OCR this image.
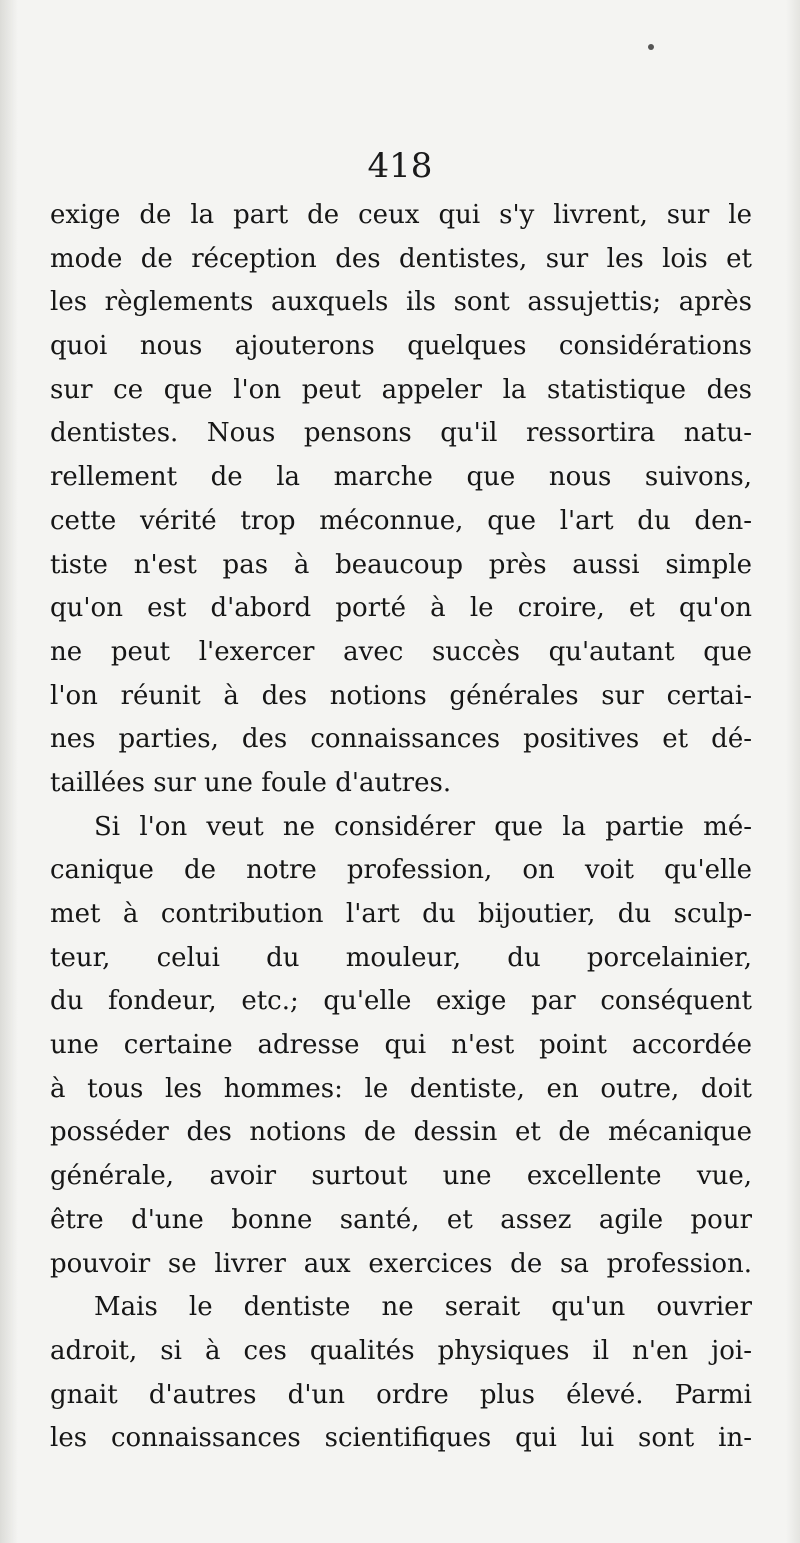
418
exige de la part de ceux qui s'y livrent, sur le
mode de réception des dentistes, sur les lois et
les règlements auxquels ils sont assujettis; après
quoi nous ajouterons quelques considérations
sur ce que l'on peut appeler la statistique des
dentistes. Nous pensons qu'il ressortira natu-
rellement de la marche que nous suivons,
cette vérité trop méconnue, que l'art du den-
tiste n'est pas à beaucoup près aussi simple
qu'on est d'abord porté à le croire, et qu'on
ne peut l'exercer avec succès qu'autant que
l'on réunit à des notions générales sur certai-
nes parties, des connaissances positives et dé-
taillées sur une foule d'autres.
Si l'on veut ne considérer que la partie mé-
canique de notre profession, on voit qu'elle
met à contribution l'art du bijoutier, du sculp-
teur, celui du mouleur, du porcelainier,
du fondeur, etc.; qu'elle exige par conséquent
une certaine adresse qui n'est point accordée
à tous les hommes: le dentiste, en outre, doit
posséder des notions de dessin et de mécanique
générale, avoir surtout une excellente vue,
être d'une bonne santé, et assez agile pour
pouvoir se livrer aux exercices de sa profession.
Mais le dentiste ne serait qu'un ouvrier
adroit, si à ces qualités physiques il n'en joi-
gnait d'autres d'un ordre plus élevé. Parmi
les connaissances scientifiques qui lui sont in-
